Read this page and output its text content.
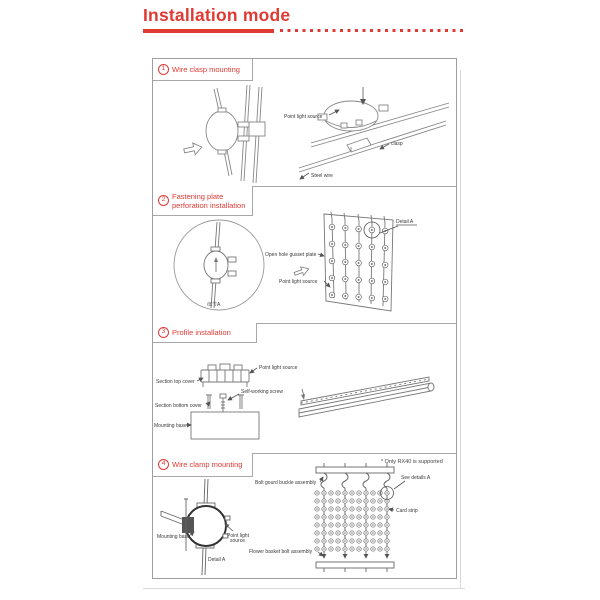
Installation mode
1 Wire clasp mounting
Point light source
clasp
Steel wire
2 Fastening plate
perforation installation
细节A
Detail A
Open hole gusset plate
Point light source
3 Profile installation
Point light source
Section top cover
Self-working screw
Section bottom cover
Mounting base
4 Wire clamp mounting	* Only RX40 is supported
Mounting base	Point light
source
Detail A
Bolt gourd buckle assembly
See details A
Card strip
Flower basket bolt assembly
